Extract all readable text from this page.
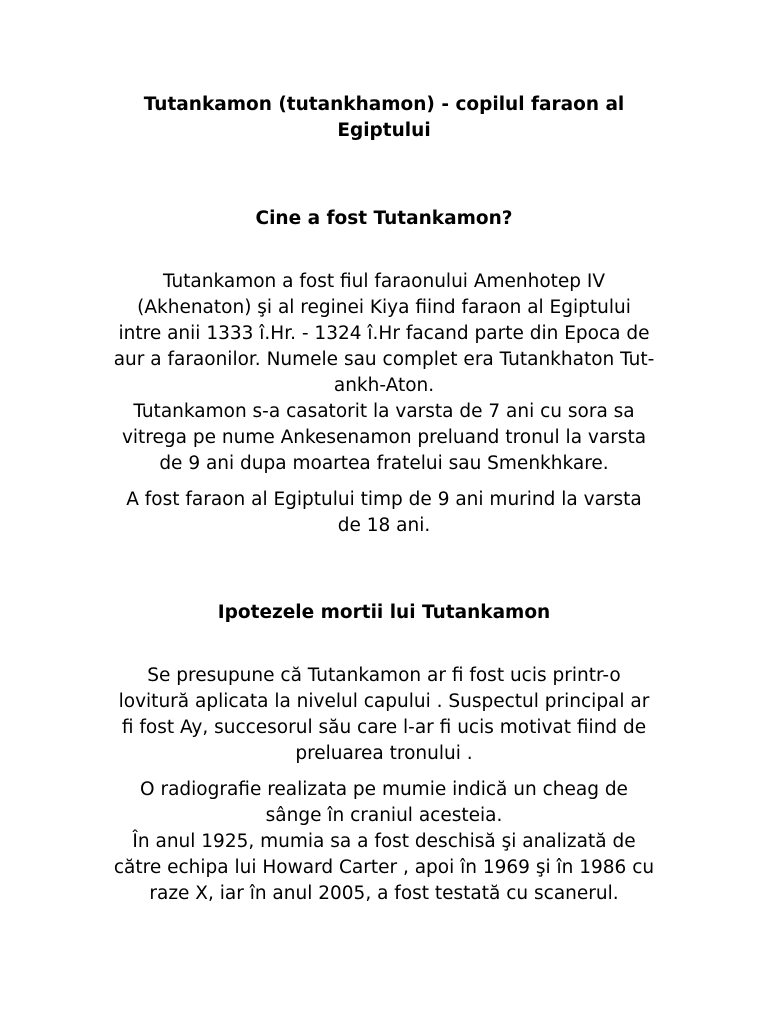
Tutankamon (tutankhamon) - copilul faraon al
Egiptului
Cine a fost Tutankamon?

Tutankamon a fost fiul faraonului Amenhotep IV
(Akhenaton) şi al reginei Kiya fiind faraon al Egiptului
intre anii 1333 î.Hr. - 1324 î.Hr facand parte din Epoca de
aur a faraonilor. Numele sau complet era Tutankhaton Tut-
ankh-Aton.
Tutankamon s-a casatorit la varsta de 7 ani cu sora sa
vitrega pe nume Ankesenamon preluand tronul la varsta
de 9 ani dupa moartea fratelui sau Smenkhkare.

A fost faraon al Egiptului timp de 9 ani murind la varsta
de 18 ani.

Ipotezele mortii lui Tutankamon

Se presupune că Tutankamon ar fi fost ucis printr-o
lovitură aplicata la nivelul capului . Suspectul principal ar
fi fost Ay, succesorul său care l-ar fi ucis motivat fiind de
preluarea tronului .

O radiografie realizata pe mumie indică un cheag de
sânge în craniul acesteia.
În anul 1925, mumia sa a fost deschisă şi analizată de
către echipa lui Howard Carter , apoi în 1969 şi în 1986 cu
raze X, iar în anul 2005, a fost testată cu scanerul.
